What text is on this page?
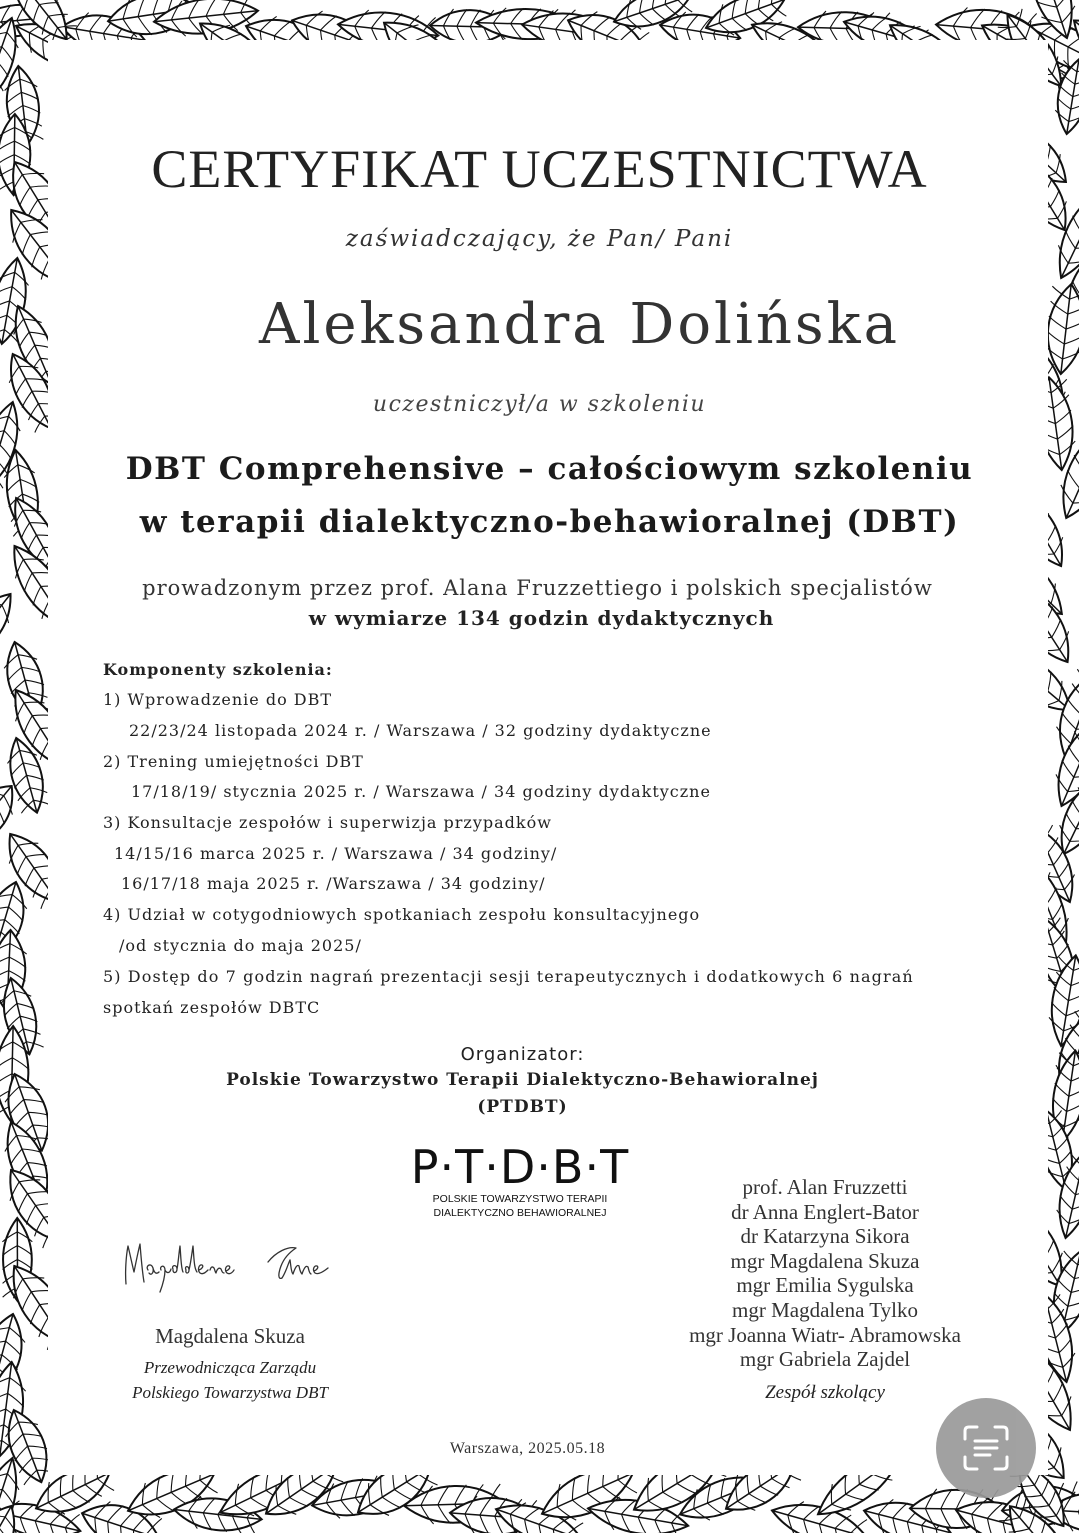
CERTYFIKAT UCZESTNICTWA
zaświadczający, że Pan/ Pani
Aleksandra Dolińska
uczestniczył/a w szkoleniu
DBT Comprehensive – całościowym szkoleniu
w terapii dialektyczno-behawioralnej (DBT)
prowadzonym przez prof. Alana Fruzzettiego i polskich specjalistów
w wymiarze 134 godzin dydaktycznych
Komponenty szkolenia:
1) Wprowadzenie do DBT
22/23/24 listopada 2024 r. / Warszawa / 32 godziny dydaktyczne
2) Trening umiejętności DBT
17/18/19/ stycznia 2025 r. / Warszawa / 34 godziny dydaktyczne
3) Konsultacje zespołów i superwizja przypadków
14/15/16 marca 2025 r. / Warszawa / 34 godziny/
16/17/18 maja 2025 r. /Warszawa / 34 godziny/
4) Udział w cotygodniowych spotkaniach zespołu konsultacyjnego
/od stycznia do maja 2025/
5) Dostęp do 7 godzin nagrań prezentacji sesji terapeutycznych i dodatkowych 6 nagrań
spotkań zespołów DBTC
Organizator:
Polskie Towarzystwo Terapii Dialektyczno-Behawioralnej
(PTDBT)
P·T·D·B·T
POLSKIE TOWARZYSTWO TERAPII
DIALEKTYCZNO BEHAWIORALNEJ
prof. Alan Fruzzetti
dr Anna Englert-Bator
dr Katarzyna Sikora
mgr Magdalena Skuza
mgr Emilia Sygulska
mgr Magdalena Tylko
mgr Joanna Wiatr- Abramowska
mgr Gabriela Zajdel
Zespół szkolący
Magdalena Skuza
Przewodnicząca Zarządu
Polskiego Towarzystwa DBT
Warszawa, 2025.05.18
